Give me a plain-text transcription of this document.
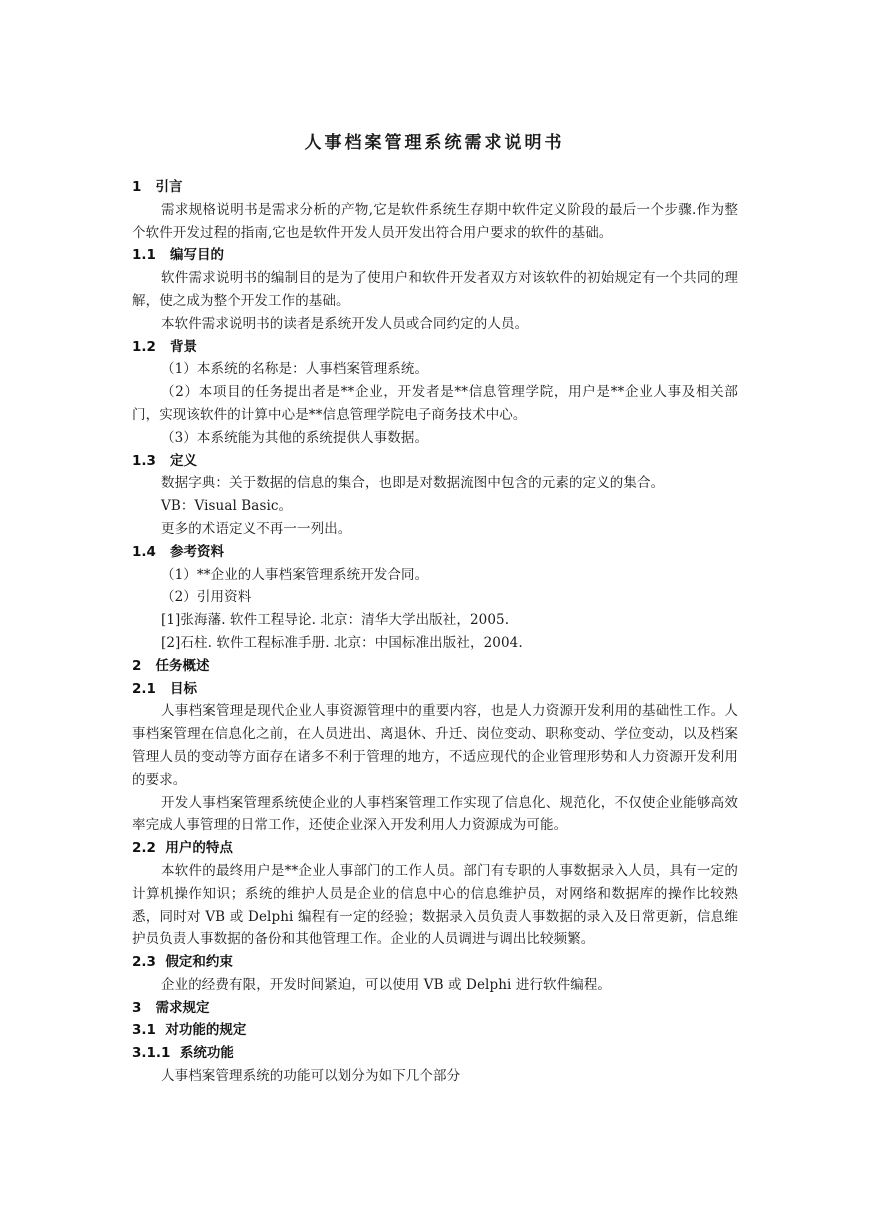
人事档案管理系统需求说明书
1   引言
需求规格说明书是需求分析的产物,它是软件系统生存期中软件定义阶段的最后一个步骤.作为整个软件开发过程的指南,它也是软件开发人员开发出符合用户要求的软件的基础。
1.1   编写目的
软件需求说明书的编制目的是为了使用户和软件开发者双方对该软件的初始规定有一个共同的理解，使之成为整个开发工作的基础。
本软件需求说明书的读者是系统开发人员或合同约定的人员。
1.2   背景
（1）本系统的名称是：人事档案管理系统。
（2）本项目的任务提出者是**企业，开发者是**信息管理学院，用户是**企业人事及相关部门，实现该软件的计算中心是**信息管理学院电子商务技术中心。
（3）本系统能为其他的系统提供人事数据。
1.3   定义
数据字典：关于数据的信息的集合，也即是对数据流图中包含的元素的定义的集合。
VB：Visual Basic。
更多的术语定义不再一一列出。
1.4   参考资料
（1）**企业的人事档案管理系统开发合同。
（2）引用资料
[1]张海藩. 软件工程导论. 北京：清华大学出版社，2005.
[2]石柱. 软件工程标准手册. 北京：中国标准出版社，2004.
2   任务概述
2.1   目标
人事档案管理是现代企业人事资源管理中的重要内容，也是人力资源开发利用的基础性工作。人事档案管理在信息化之前，在人员进出、离退休、升迁、岗位变动、职称变动、学位变动，以及档案管理人员的变动等方面存在诸多不利于管理的地方，不适应现代的企业管理形势和人力资源开发利用的要求。
开发人事档案管理系统使企业的人事档案管理工作实现了信息化、规范化，不仅使企业能够高效率完成人事管理的日常工作，还使企业深入开发利用人力资源成为可能。
2.2  用户的特点
本软件的最终用户是**企业人事部门的工作人员。部门有专职的人事数据录入人员，具有一定的计算机操作知识；系统的维护人员是企业的信息中心的信息维护员，对网络和数据库的操作比较熟悉，同时对 VB 或 Delphi 编程有一定的经验；数据录入员负责人事数据的录入及日常更新，信息维护员负责人事数据的备份和其他管理工作。企业的人员调进与调出比较频繁。
2.3  假定和约束
企业的经费有限，开发时间紧迫，可以使用 VB 或 Delphi 进行软件编程。
3   需求规定
3.1  对功能的规定
3.1.1  系统功能
人事档案管理系统的功能可以划分为如下几个部分
